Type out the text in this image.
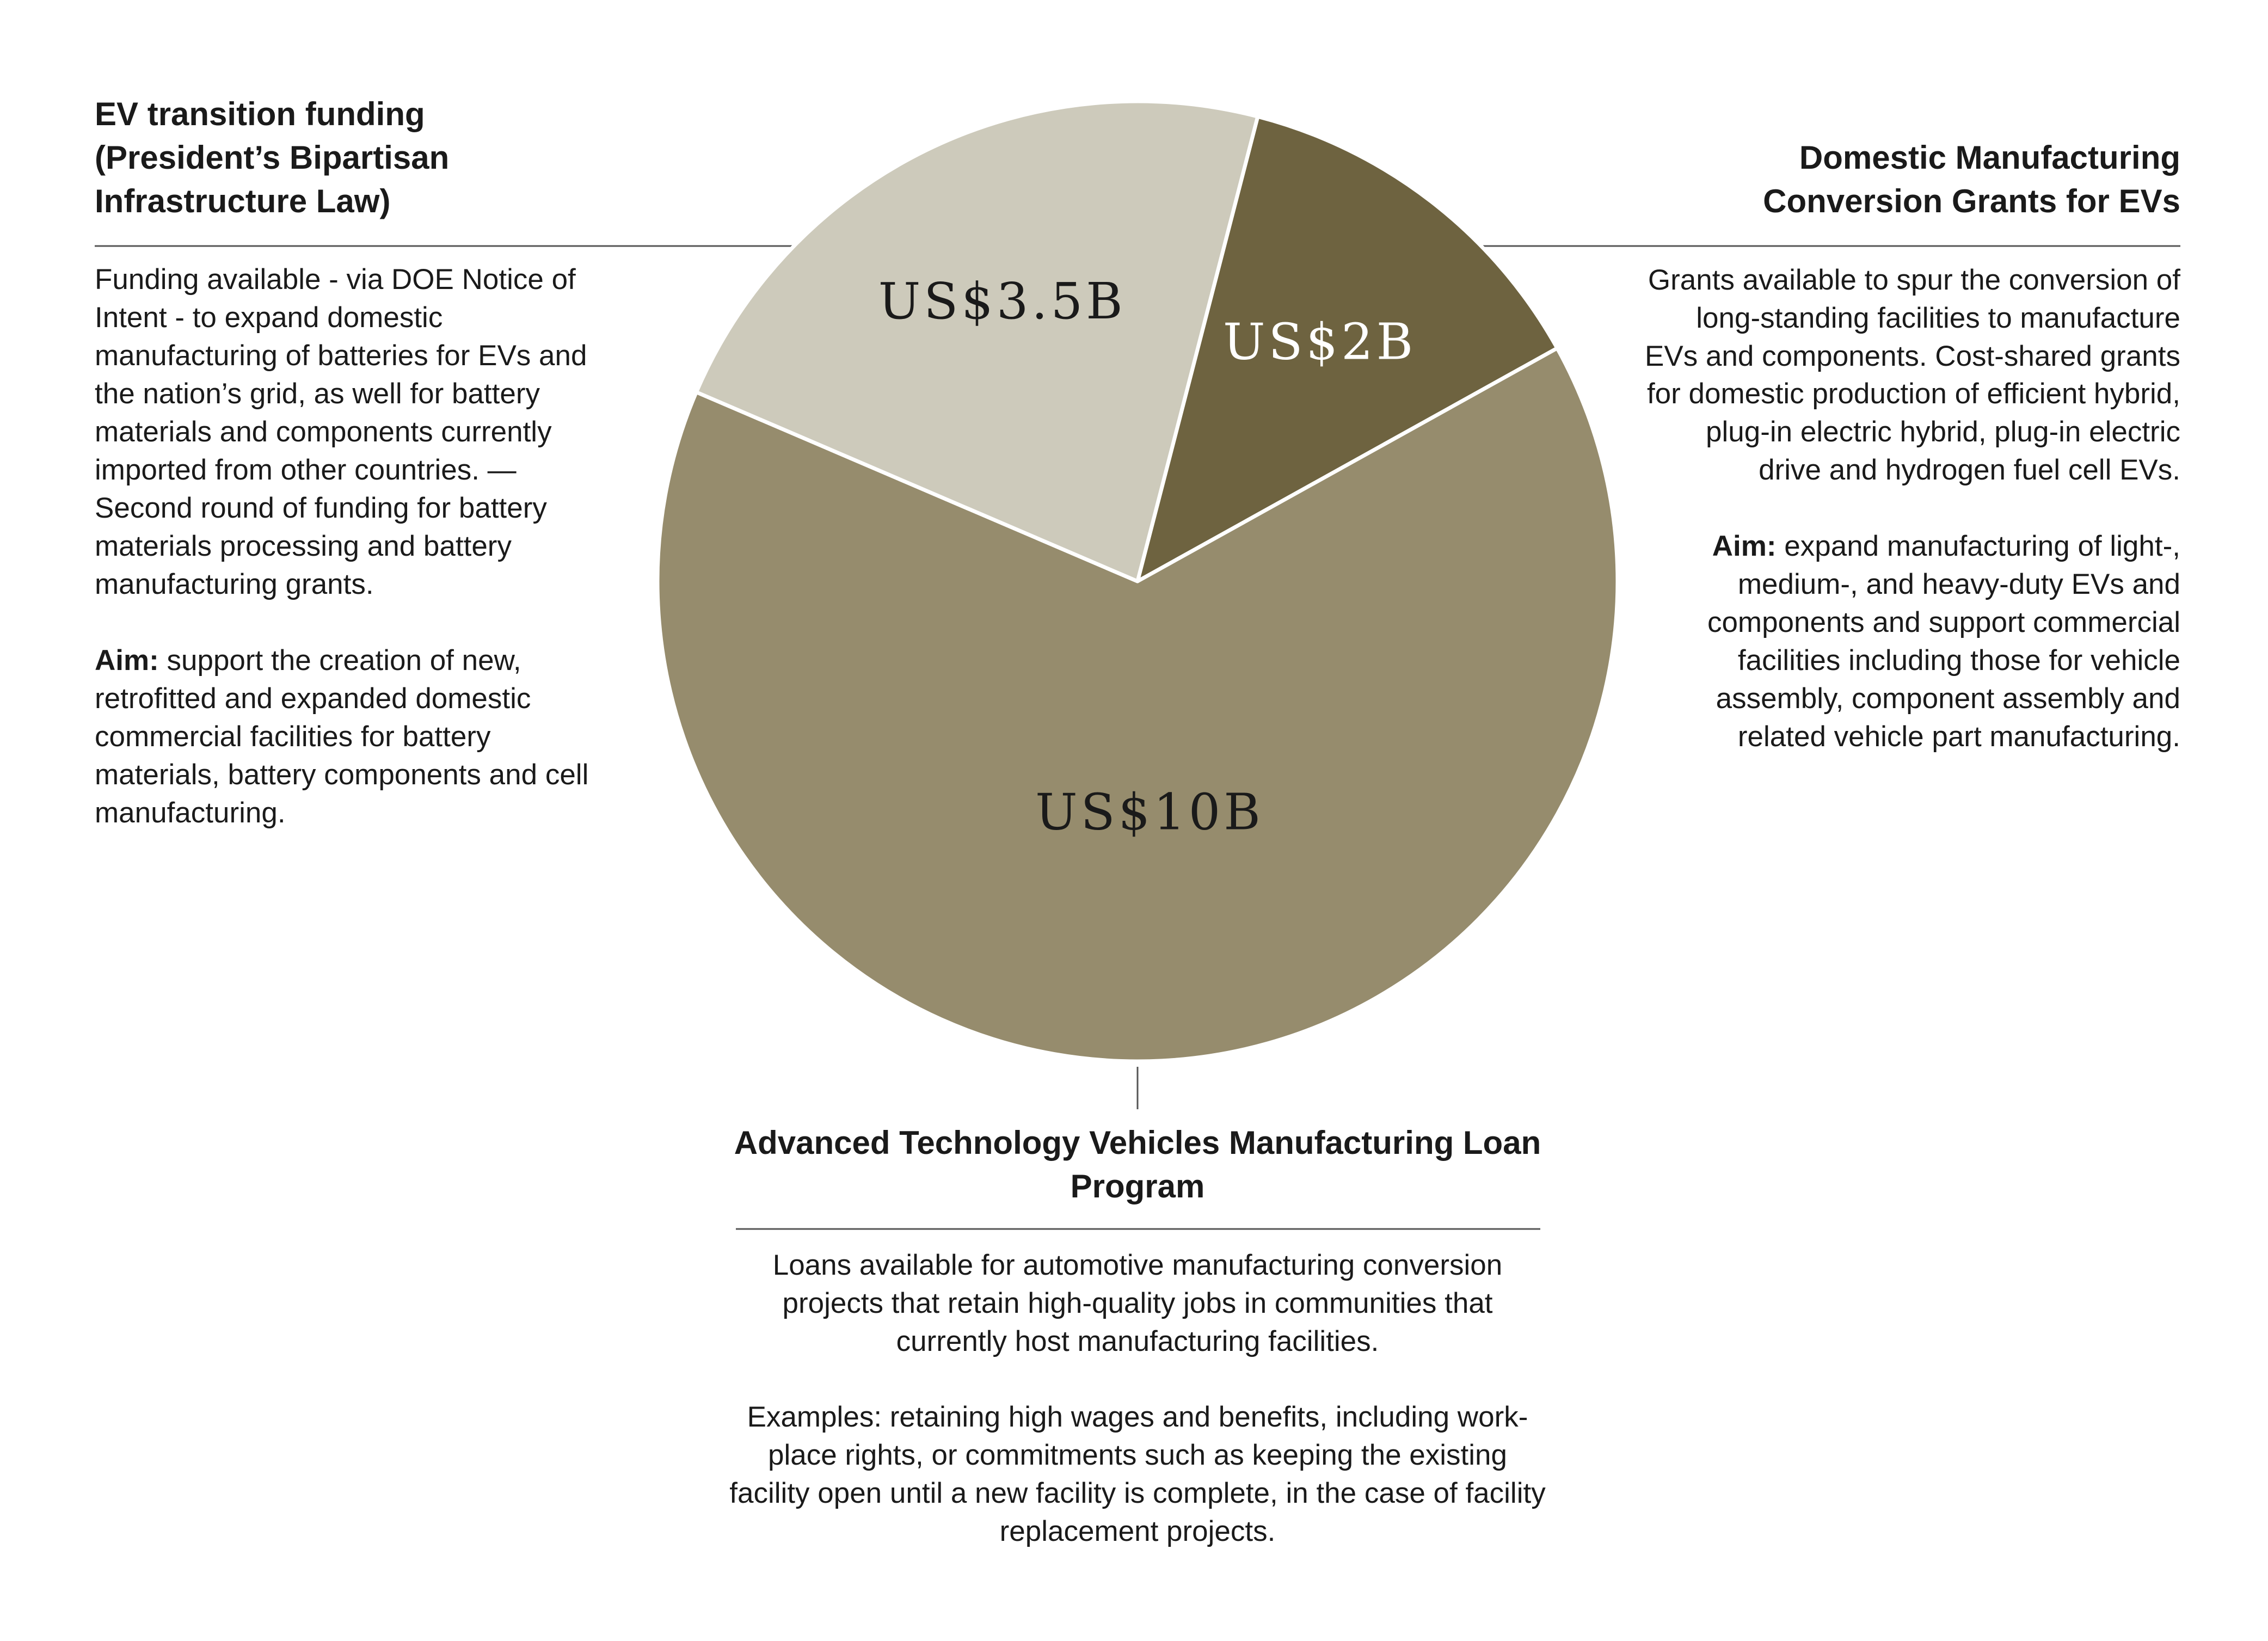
US$2B
US$10B
US$3.5B
EV transition funding (President’s Bipartisan Infrastructure Law)

Funding available - via DOE Notice of Intent - to expand domestic manufacturing of batteries for EVs and the nation’s grid, as well for battery materials and components currently imported from other countries. —Second round of funding for battery materials processing and battery manufacturing grants.

Aim: support the creation of new, retrofitted and expanded domestic commercial facilities for battery materials, battery components and cell manufacturing.

Domestic Manufacturing Conversion Grants for EVs

Grants available to spur the conversion of long-standing facilities to manufacture EVs and components. Cost-shared grants for domestic production of efficient hybrid, plug-in electric hybrid, plug-in electric drive and hydrogen fuel cell EVs.

Aim: expand manufacturing of light-, medium-, and heavy-duty EVs and components and support commercial facilities including those for vehicle assembly, component assembly and related vehicle part manufacturing.

Advanced Technology Vehicles Manufacturing Loan Program

Loans available for automotive manufacturing conversion projects that retain high-quality jobs in communities that currently host manufacturing facilities.

Examples: retaining high wages and benefits, including work-place rights, or commitments such as keeping the existing facility open until a new facility is complete, in the case of facility replacement projects.
